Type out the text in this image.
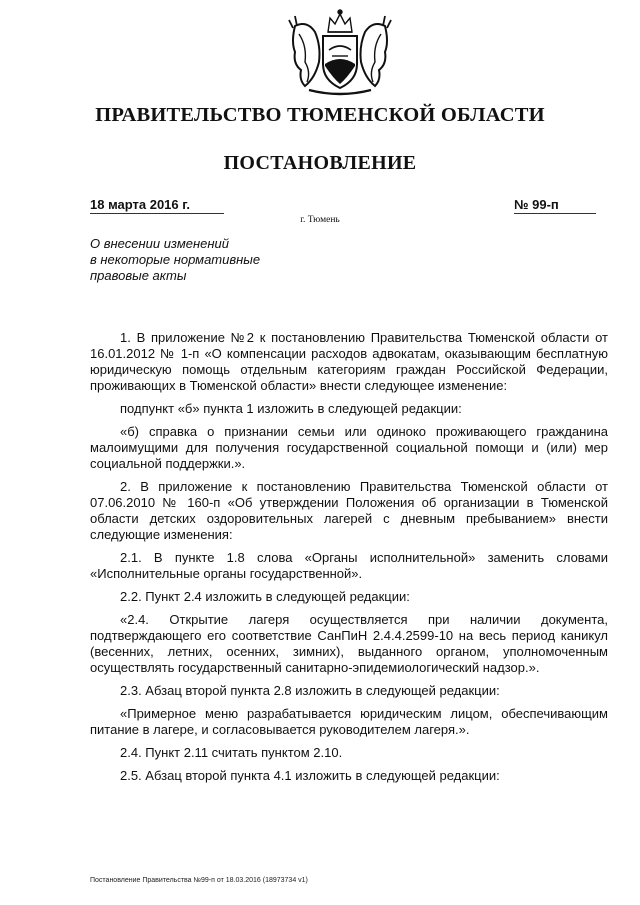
ПРАВИТЕЛЬСТВО ТЮМЕНСКОЙ ОБЛАСТИ
ПОСТАНОВЛЕНИЕ
18 марта 2016 г.	№ 99-п
г. Тюмень
О внесении изменений
в некоторые нормативные
правовые акты

1. В приложение №2 к постановлению Правительства Тюменской области от 16.01.2012 № 1-п «О компенсации расходов адвокатам, оказывающим бесплатную юридическую помощь отдельным категориям граждан Российской Федерации, проживающих в Тюменской области» внести следующее изменение:

подпункт «б» пункта 1 изложить в следующей редакции:

«б) справка о признании семьи или одиноко проживающего гражданина малоимущими для получения государственной социальной помощи и (или) мер социальной поддержки.».

2. В приложение к постановлению Правительства Тюменской области от 07.06.2010 № 160-п «Об утверждении Положения об организации в Тюменской области детских оздоровительных лагерей с дневным пребыванием» внести следующие изменения:

2.1. В пункте 1.8 слова «Органы исполнительной» заменить словами «Исполнительные органы государственной».

2.2. Пункт 2.4 изложить в следующей редакции:

«2.4. Открытие лагеря осуществляется при наличии документа, подтверждающего его соответствие СанПиН 2.4.4.2599-10 на весь период каникул (весенних, летних, осенних, зимних), выданного органом, уполномоченным осуществлять государственный санитарно-эпидемиологический надзор.».

2.3. Абзац второй пункта 2.8 изложить в следующей редакции:

«Примерное меню разрабатывается юридическим лицом, обеспечивающим питание в лагере, и согласовывается руководителем лагеря.».

2.4. Пункт 2.11 считать пунктом 2.10.

2.5. Абзац второй пункта 4.1 изложить в следующей редакции:

Постановление Правительства №99-п от 18.03.2016 (18973734 v1)
